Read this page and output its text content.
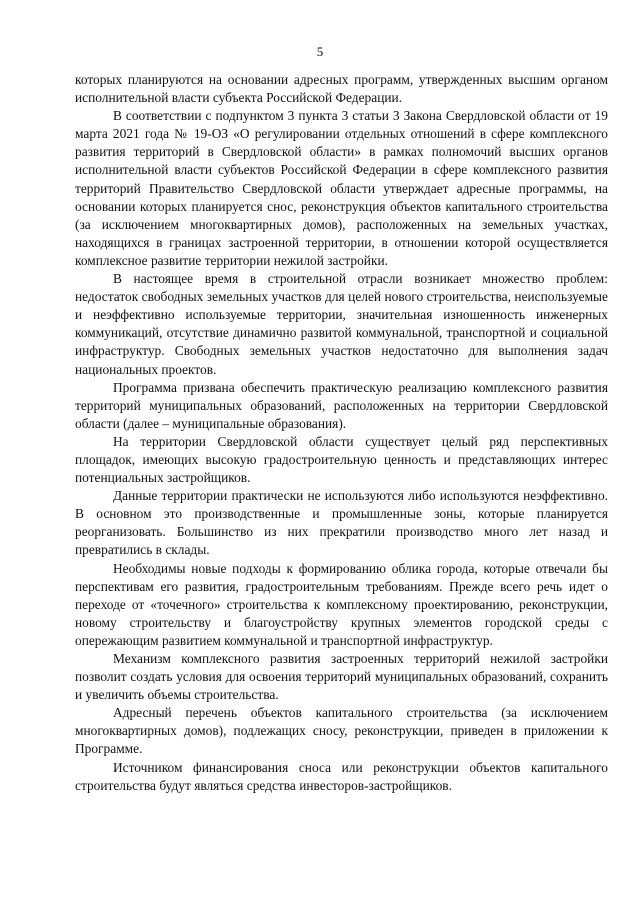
5

которых планируются на основании адресных программ, утвержденных высшим органом исполнительной власти субъекта Российской Федерации.

В соответствии с подпунктом 3 пункта 3 статьи 3 Закона Свердловской области от 19 марта 2021 года № 19-ОЗ «О регулировании отдельных отношений в сфере комплексного развития территорий в Свердловской области» в рамках полномочий высших органов исполнительной власти субъектов Российской Федерации в сфере комплексного развития территорий Правительство Свердловской области утверждает адресные программы, на основании которых планируется снос, реконструкция объектов капитального строительства (за исключением многоквартирных домов), расположенных на земельных участках, находящихся в границах застроенной территории, в отношении которой осуществляется комплексное развитие территории нежилой застройки.

В настоящее время в строительной отрасли возникает множество проблем: недостаток свободных земельных участков для целей нового строительства, неиспользуемые и неэффективно используемые территории, значительная изношенность инженерных коммуникаций, отсутствие динамично развитой коммунальной, транспортной и социальной инфраструктур. Свободных земельных участков недостаточно для выполнения задач национальных проектов.

Программа призвана обеспечить практическую реализацию комплексного развития территорий муниципальных образований, расположенных на территории Свердловской области (далее – муниципальные образования).

На территории Свердловской области существует целый ряд перспективных площадок, имеющих высокую градостроительную ценность и представляющих интерес потенциальных застройщиков.

Данные территории практически не используются либо используются неэффективно. В основном это производственные и промышленные зоны, которые планируется реорганизовать. Большинство из них прекратили производство много лет назад и превратились в склады.

Необходимы новые подходы к формированию облика города, которые отвечали бы перспективам его развития, градостроительным требованиям. Прежде всего речь идет о переходе от «точечного» строительства к комплексному проектированию, реконструкции, новому строительству и благоустройству крупных элементов городской среды с опережающим развитием коммунальной и транспортной инфраструктур.

Механизм комплексного развития застроенных территорий нежилой застройки позволит создать условия для освоения территорий муниципальных образований, сохранить и увеличить объемы строительства.

Адресный перечень объектов капитального строительства (за исключением многоквартирных домов), подлежащих сносу, реконструкции, приведен в приложении к Программе.

Источником финансирования сноса или реконструкции объектов капитального строительства будут являться средства инвесторов-застройщиков.
